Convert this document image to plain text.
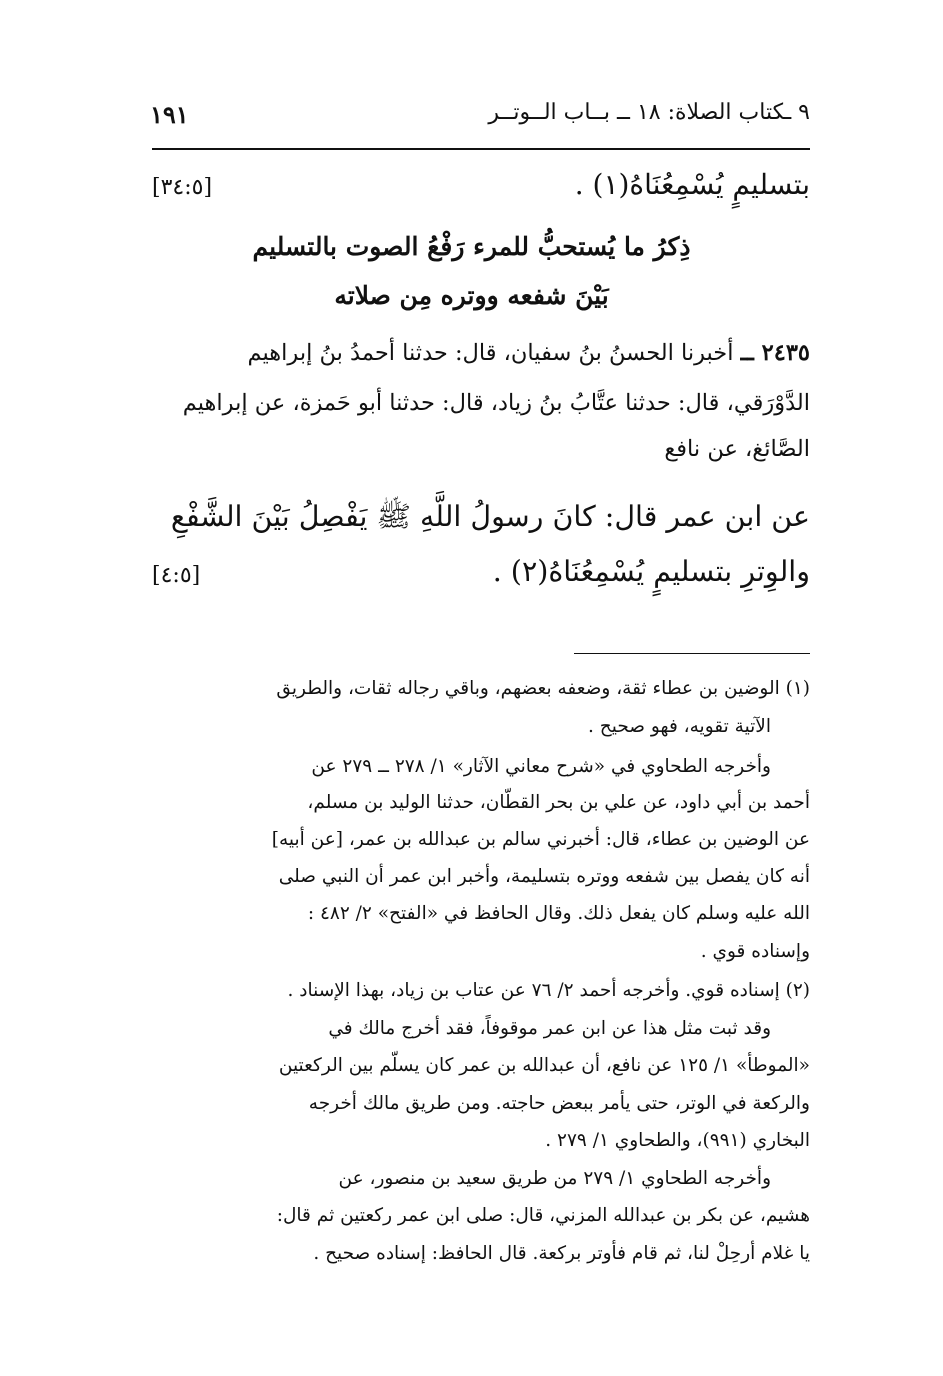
٩ ـكتاب الصلاة: ١٨ ــ بــاب الــوتــر
١٩١
بتسليمٍ يُسْمِعُنَاهُ(١) .
[٣٤:٥]
ذِكرُ ما يُستحبُّ للمرء رَفْعُ الصوت بالتسليم
بَيْنَ شفعه ووتره مِن صلاته
٢٤٣٥ ــ أخبرنا الحسنُ بنُ سفيان، قال: حدثنا أحمدُ بنُ إبراهيم
الدَّوْرَقي، قال: حدثنا عتَّابُ بنُ زياد، قال: حدثنا أبو حَمزة، عن إبراهيم
الصَّائغ، عن نافع
عن ابن عمر قال: كانَ رسولُ اللَّهِ ﷺ يَفْصِلُ بَيْنَ الشَّفْعِ
والوِترِ بتسليمٍ يُسْمِعُنَاهُ(٢) .
[٤:٥]
(١) الوضين بن عطاء ثقة، وضعفه بعضهم، وباقي رجاله ثقات، والطريق
الآتية تقويه، فهو صحيح .
وأخرجه الطحاوي في «شرح معاني الآثار» ١/ ٢٧٨ ــ ٢٧٩ عن
أحمد بن أبي داود، عن علي بن بحر القطّان، حدثنا الوليد بن مسلم،
عن الوضين بن عطاء، قال: أخبرني سالم بن عبدالله بن عمر، [عن أبيه]
أنه كان يفصل بين شفعه ووتره بتسليمة، وأخبر ابن عمر أن النبي صلى
الله عليه وسلم كان يفعل ذلك. وقال الحافظ في «الفتح» ٢/ ٤٨٢ :
وإسناده قوي .
(٢) إسناده قوي. وأخرجه أحمد ٢/ ٧٦ عن عتاب بن زياد، بهذا الإسناد .
وقد ثبت مثل هذا عن ابن عمر موقوفاً، فقد أخرج مالك في
«الموطأ» ١/ ١٢٥ عن نافع، أن عبدالله بن عمر كان يسلّم بين الركعتين
والركعة في الوتر، حتى يأمر ببعض حاجته. ومن طريق مالك أخرجه
البخاري (٩٩١)، والطحاوي ١/ ٢٧٩ .
وأخرجه الطحاوي ١/ ٢٧٩ من طريق سعيد بن منصور، عن
هشيم، عن بكر بن عبدالله المزني، قال: صلى ابن عمر ركعتين ثم قال:
يا غلام أرحِلْ لنا، ثم قام فأوتر بركعة. قال الحافظ: إسناده صحيح .
